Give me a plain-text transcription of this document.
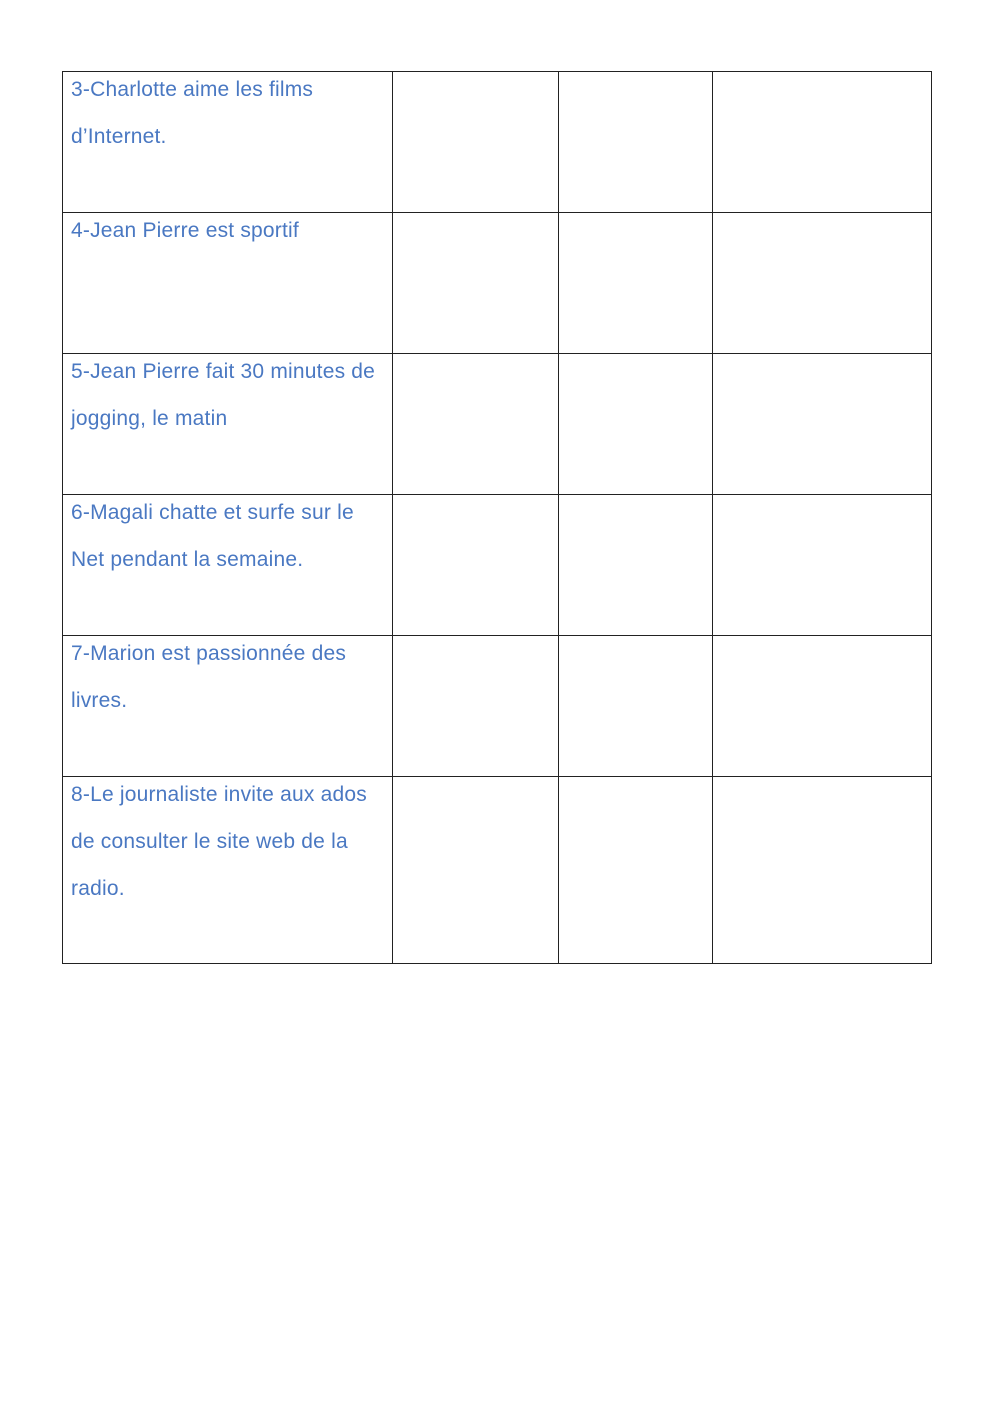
3-Charlotte aime les films d’Internet.			

4-Jean Pierre est sportif			

5-Jean Pierre fait 30 minutes de jogging, le matin			

6-Magali chatte et surfe sur le Net pendant la semaine.			

7-Marion est passionnée des livres.			

8-Le journaliste invite aux ados de consulter le site web de la radio.			
